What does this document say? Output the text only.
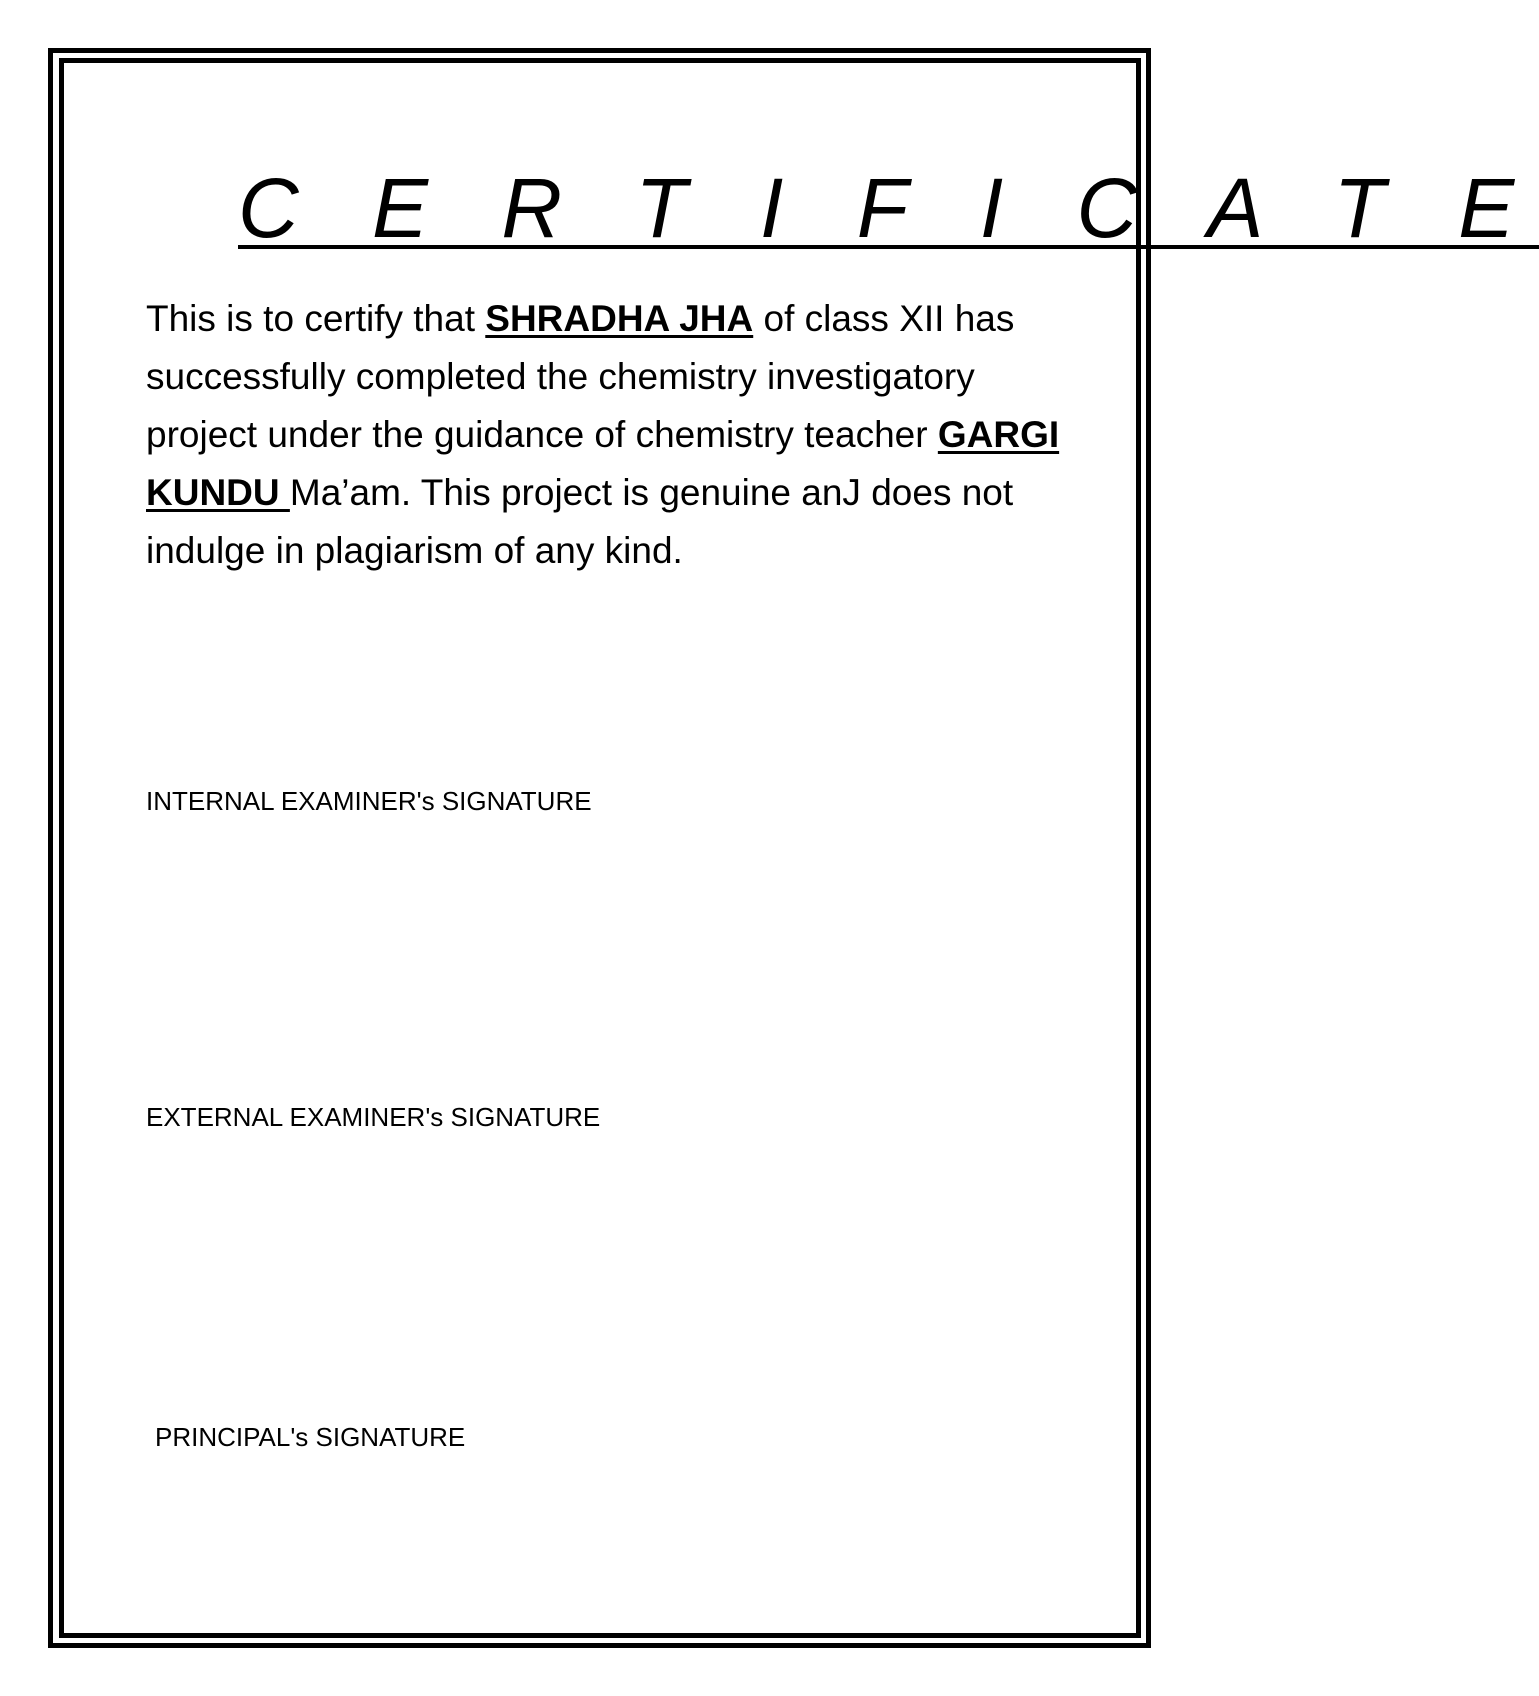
C E R T I F I C A T E

This is to certify that SHRADHA JHA of class XII has successfully completed the chemistry investigatory project under the guidance of chemistry teacher GARGI KUNDU Ma’am. This project is genuine anJ does not indulge in plagiarism of any kind.

INTERNAL EXAMINER's SIGNATURE

EXTERNAL EXAMINER's SIGNATURE

PRINCIPAL's SIGNATURE
